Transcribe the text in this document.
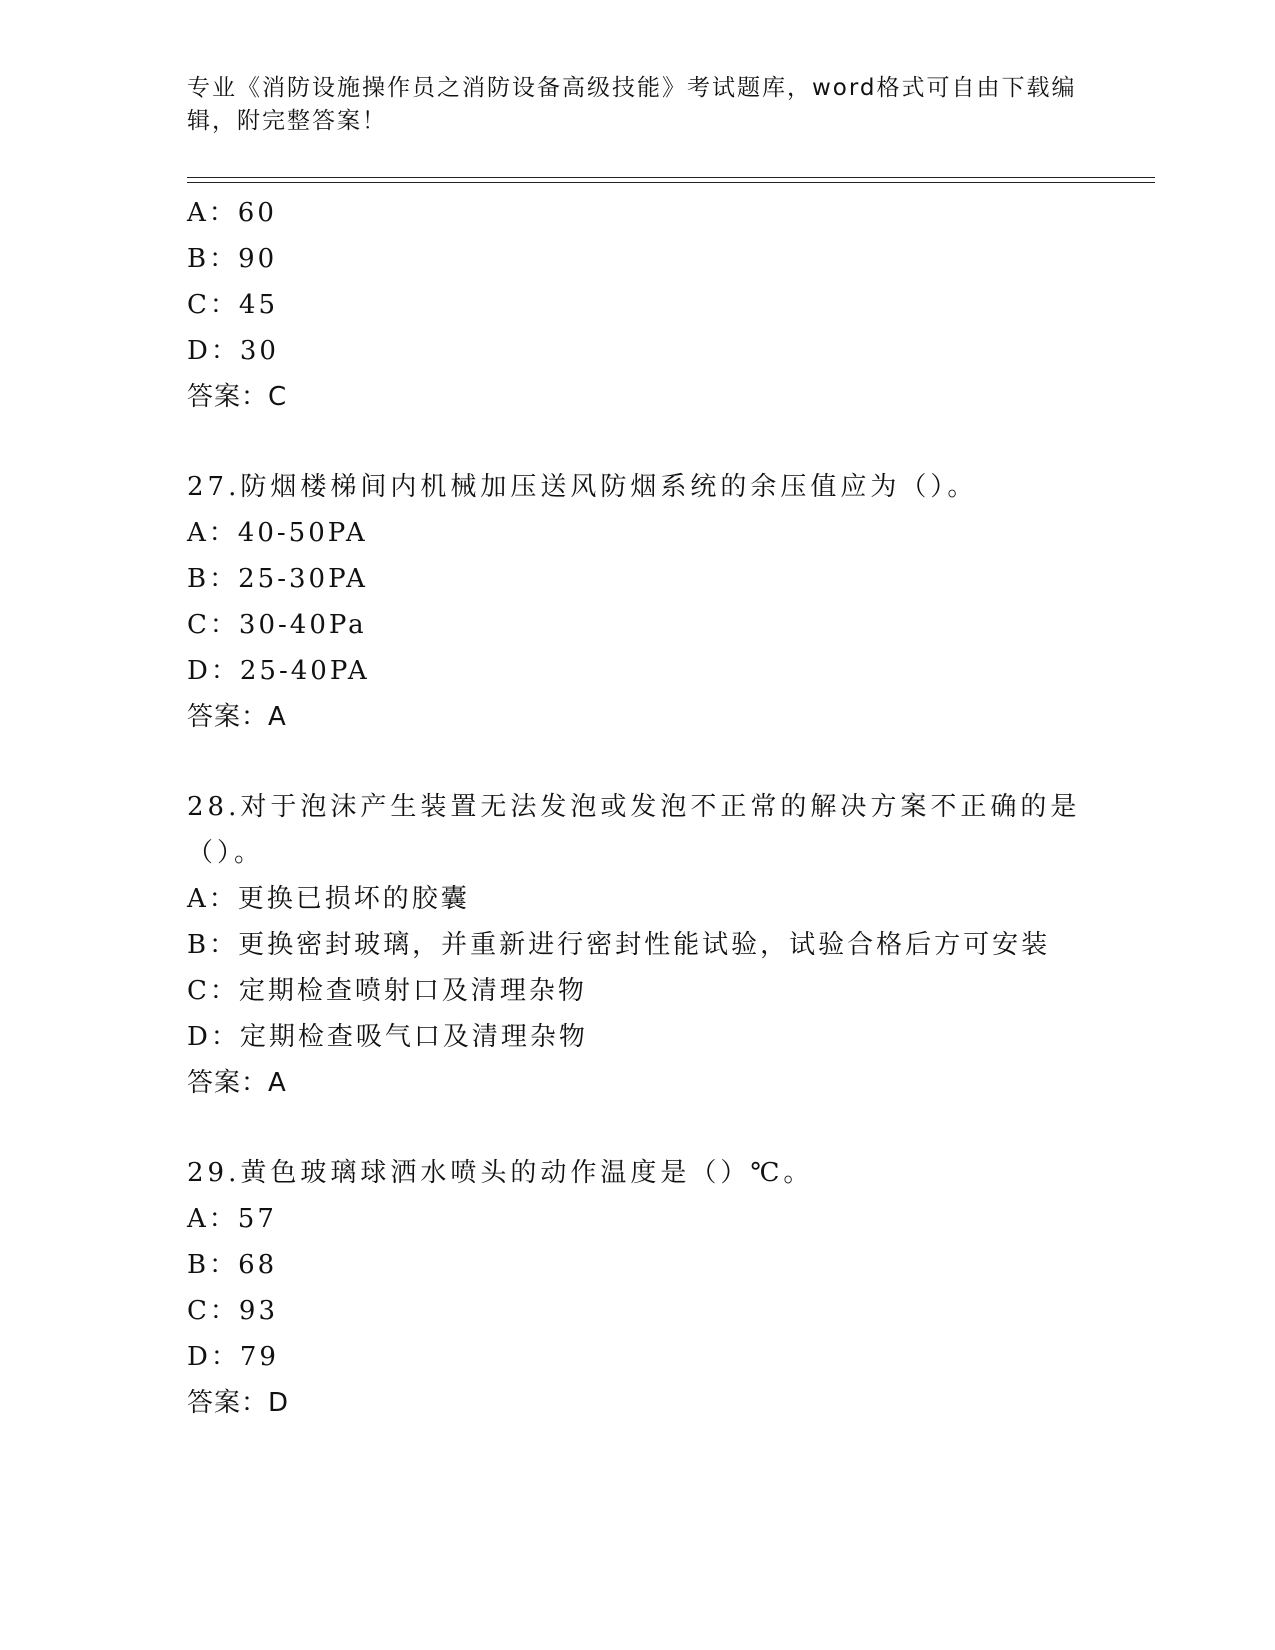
专业《消防设施操作员之消防设备高级技能》考试题库，word格式可自由下载编辑，附完整答案！
A：60
B：90
C：45
D：30
答案：C
27.防烟楼梯间内机械加压送风防烟系统的余压值应为（）。
A：40-50PA
B：25-30PA
C：30-40Pa
D：25-40PA
答案：A
28.对于泡沫产生装置无法发泡或发泡不正常的解决方案不正确的是（）。
A：更换已损坏的胶囊
B：更换密封玻璃，并重新进行密封性能试验，试验合格后方可安装
C：定期检查喷射口及清理杂物
D：定期检查吸气口及清理杂物
答案：A
29.黄色玻璃球洒水喷头的动作温度是（）℃。
A：57
B：68
C：93
D：79
答案：D
